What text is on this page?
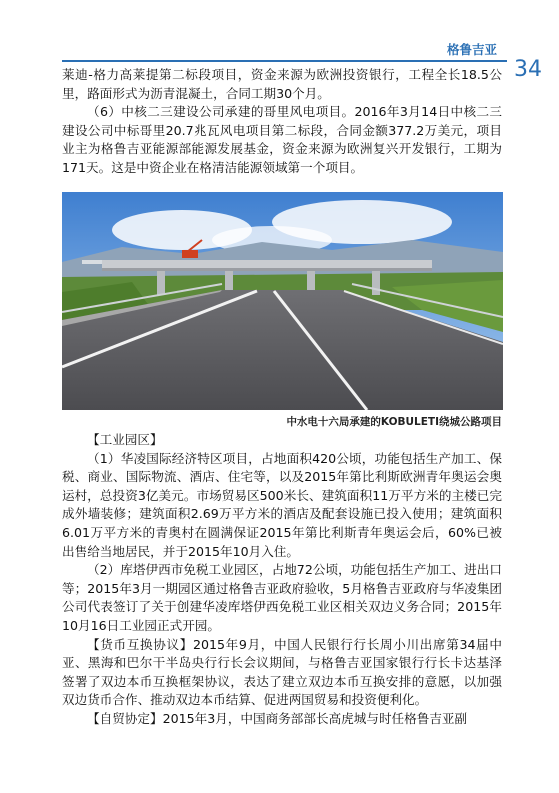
格鲁吉亚
34

莱迪-格力高莱提第二标段项目，资金来源为欧洲投资银行，工程全长18.5公里，路面形式为沥青混凝土，合同工期30个月。

（6）中核二三建设公司承建的哥里风电项目。2016年3月14日中核二三建设公司中标哥里20.7兆瓦风电项目第二标段，合同金额377.2万美元，项目业主为格鲁吉亚能源部能源发展基金，资金来源为欧洲复兴开发银行，工期为171天。这是中资企业在格清洁能源领域第一个项目。

中水电十六局承建的KOBULETI绕城公路项目

【工业园区】

（1）华凌国际经济特区项目，占地面积420公顷，功能包括生产加工、保税、商业、国际物流、酒店、住宅等，以及2015年第比利斯欧洲青年奥运会奥运村，总投资3亿美元。市场贸易区500米长、建筑面积11万平方米的主楼已完成外墙装修；建筑面积2.69万平方米的酒店及配套设施已投入使用；建筑面积6.01万平方米的青奥村在圆满保证2015年第比利斯青年奥运会后，60%已被出售给当地居民，并于2015年10月入住。

（2）库塔伊西市免税工业园区，占地72公顷，功能包括生产加工、进出口等；2015年3月一期园区通过格鲁吉亚政府验收，5月格鲁吉亚政府与华凌集团公司代表签订了关于创建华凌库塔伊西免税工业区相关双边义务合同；2015年10月16日工业园正式开园。

【货币互换协议】2015年9月，中国人民银行行长周小川出席第34届中亚、黑海和巴尔干半岛央行行长会议期间，与格鲁吉亚国家银行行长卡达基泽签署了双边本币互换框架协议，表达了建立双边本币互换安排的意愿，以加强双边货币合作、推动双边本币结算、促进两国贸易和投资便利化。

【自贸协定】2015年3月，中国商务部部长高虎城与时任格鲁吉亚副
